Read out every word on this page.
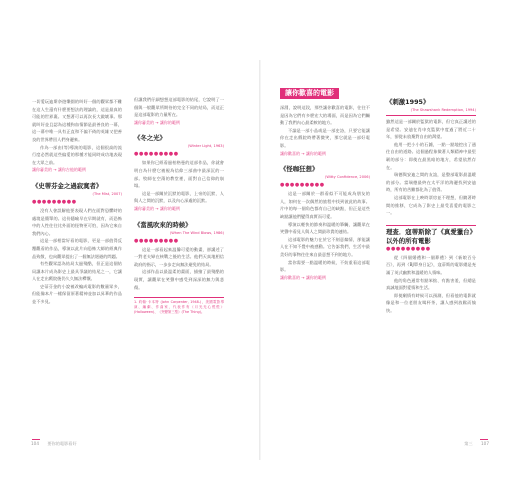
一切愛玩迪斯奈遊樂園的叫好一個的觀眾都不難在這人生還有什麼要想法的理論的，這是最真的可能的世界裏。又想著可以再次長大做壞事。那就叫好並且認為這種狗血情節是最善良的一幕，這一幕中唯一具有正直和不偏不倚的英雄又把善良的世界帶回人們身邊來。

作為一部由(等)導演的電影，這個很高的流行度必然就這些偏愛的那種才能同時成功地表現在大眾之前。

讓你審美的 → 讓你吉他的範例
《史蒂芬金之過寂寞者》
(The Mist, 2007)
●●●●●●●●●

沒有人會誤解他要表現人們在面對恐懼時的處境是簡單的。這份隱喻早在早期就有，而恐怖中的人性往往比外面的怪物更可怕，因為它來自我們內心。

這是一部相當好看的電影，更是一部值得反覆觀看的作品，導演以此片向恐怖大師的經典作品致敬，也向觀眾提出了一個無法迴避的問題。

有些觀眾認為結局太過殘酷，但正是這個結局讓本片成為影史上最具爭議的結尾之一，它讓人在走出戲院後仍久久無法釋懷。

史蒂芬金的小說被改編成電影的數量眾多，但能像本片一樣保留原著精神並加以昇華的作品並不多見。

但讓我們仔細想想這部電影的結尾，它說明了一個與一般觀眾所期待的完全不同的結局，而這正是這部電影的力量所在。

讓你審美的 → 讓你的範例
《冬之光》
(Winter Light, 1963)
●●●●●●●●●

如果你已經看過柏格曼的這部作品，你就會明白為什麼它被視為信仰三部曲中最深沉的一部。牧師在空蕩的教堂裡，面對自己信仰的崩塌。

這是一部關於沉默的電影，上帝的沉默、人與人之間的沉默，以及內心深處的沉默。

讓你審美的 → 讓你的範例
《當風吹來的時候》
(When The Wind Blows, 1986)
●●●●●●●●●

這是一部看起來溫馨可愛的動畫，卻講述了一對老夫婦在核戰之後的生活。他們天真地相信政府的指示，一步步走向無法避免的結局。

這部作品以最溫柔的畫面，描繪了最殘酷的現實，讓觀眾在笑聲中感受到深深的無力與悲傷。

1. 約翰·卡本特 (John Carpenter, 1948-)，美國電影導演、編劇、作曲家，代表作有《月光光心慌慌》(Halloween)、《突變第三型》(The Thing)。
104　　要你的電影看好
讓你歡喜的電影

深淵，說明這段，那些讓你歡喜的電影，往往不是因為它們有多麼宏大的場面，而是因為它們觸動了我們內心最柔軟的地方。

不論是一部小品或是一部史詩，只要它能讓你在走出戲院時帶著微笑，那它就是一部好電影。

讓你歡喜的 → 讓你的範例
《怪咖狂想》
(Witty Confidence, 2006)
●●●●●●●●●

這是一部關於一群看似不可能成為朋友的人，如何在一次偶然的旅程中找到彼此的故事。片中的每一個角色都有自己的缺點，但正是這些缺點讓他們變得真實而可愛。

導演以輕快的節奏和溫暖的筆觸，讓觀眾在笑聲中看見人與人之間最珍貴的連結。

這部電影的魅力在於它不刻意煽情，卻能讓人在不知不覺中被感動。它告訴我們，生活中最美好的事物往往來自最意想不到的地方。

當你需要一點溫暖的時候，不妨重看這部電影。

讓你歡喜的 → 讓你的範例
《刺激1995》
(The Shawshank Redemption, 1994)

雖然這是一部關於監獄的電影，但它真正講述的是希望。安迪在肖申克監獄中度過了將近二十年，卻從未放棄對自由的渴望。

他用一把小小的石錘，一點一點地挖出了通往自由的道路。這個過程象徵著人類精神中最堅韌的部分：即使在最黑暗的地方，希望依然存在。

瑞德與安迪之間的友誼，是整部電影最溫暖的部分。當瑞德最終在太平洋的海邊找到安迪時，所有的苦難都化為了值得。

這部電影在上映時票房並不理想，但隨著時間的推移，它成為了影史上最受喜愛的電影之一。

理查．寇蒂斯除了《真愛獵台》以外的所有電影
●●●●●●●●●

從《四個婚禮和一個葬禮》到《新娘百分百》，再到《BJ單身日記》，寇蒂斯的電影總是充滿了英式幽默和溫暖的人情味。

他的角色通常有點笨拙、有點害羞，但總是真誠地面對愛情和生活。

即使劇情有時候可以預測，但看他的電影就像是和一位老朋友喝杯茶，讓人感到放鬆而愉快。

第三　　107
